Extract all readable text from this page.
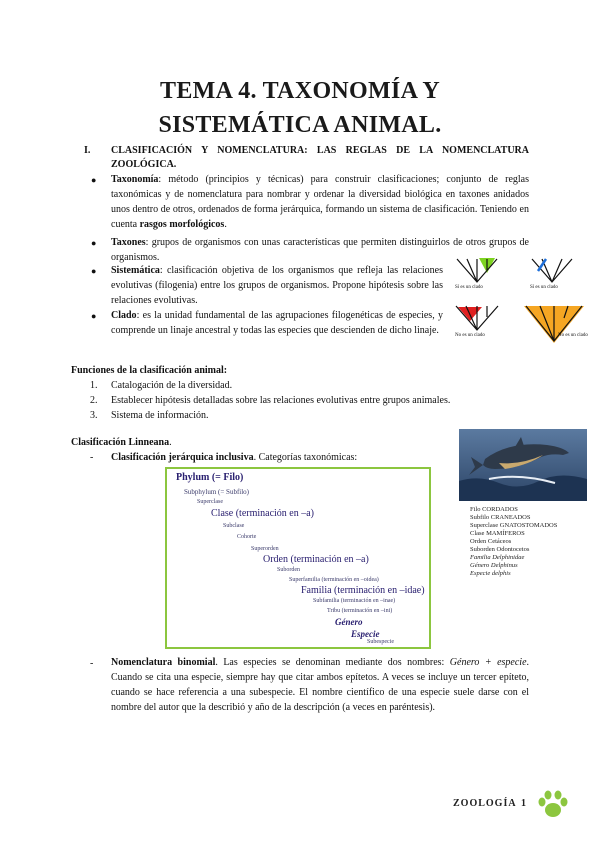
TEMA 4. TAXONOMÍA Y
SISTEMÁTICA ANIMAL.
I. CLASIFICACIÓN Y NOMENCLATURA: LAS REGLAS DE LA NOMENCLATURA ZOOLÓGICA.
● Taxonomía: método (principios y técnicas) para construir clasificaciones; conjunto de reglas taxonómicas y de nomenclatura para nombrar y ordenar la diversidad biológica en taxones anidados unos dentro de otros, ordenados de forma jerárquica, formando un sistema de clasificación. Teniendo en cuenta rasgos morfológicos.
● Taxones: grupos de organismos con unas características que permiten distinguirlos de otros grupos de organismos.
● Sistemática: clasificación objetiva de los organismos que refleja las relaciones evolutivas (filogenia) entre los grupos de organismos. Propone hipótesis sobre las relaciones evolutivas.
● Clado: es la unidad fundamental de las agrupaciones filogenéticas de especies, y comprende un linaje ancestral y todas las especies que descienden de dicho linaje.
Sí es un clado	Sí es un clado
No es un clado	No es un clado
Funciones de la clasificación animal:
1. Catalogación de la diversidad.
2. Establecer hipótesis detalladas sobre las relaciones evolutivas entre grupos animales.
3. Sistema de información.
Clasificación Linneana.
- Clasificación jerárquica inclusiva. Categorías taxonómicas:
Phylum (= Filo)
Subphylum (= Subfilo)
Superclase
Clase (terminación en –a)
Subclase
Cohorte
Superorden
Orden (terminación en –a)
Suborden
Superfamilia (terminación en –oidea)
Familia (terminación en –idae)
Subfamilia (terminación en –inae)
Tribu (terminación en –ini)
Género
Especie
Subespecie
Filo CORDADOS
Subfilo CRANEADOS
Superclase GNATOSTOMADOS
Clase MAMÍFEROS
Orden Cetáceos
Suborden Odontocetos
Familia Delphinidae
Género Delphinus
Especie delphis
- Nomenclatura binomial. Las especies se denominan mediante dos nombres: Género + especie. Cuando se cita una especie, siempre hay que citar ambos epítetos. A veces se incluye un tercer epíteto, cuando se hace referencia a una subespecie. El nombre científico de una especie suele darse con el nombre del autor que la describió y año de la descripción (a veces en paréntesis).
ZOOLOGÍA 1
